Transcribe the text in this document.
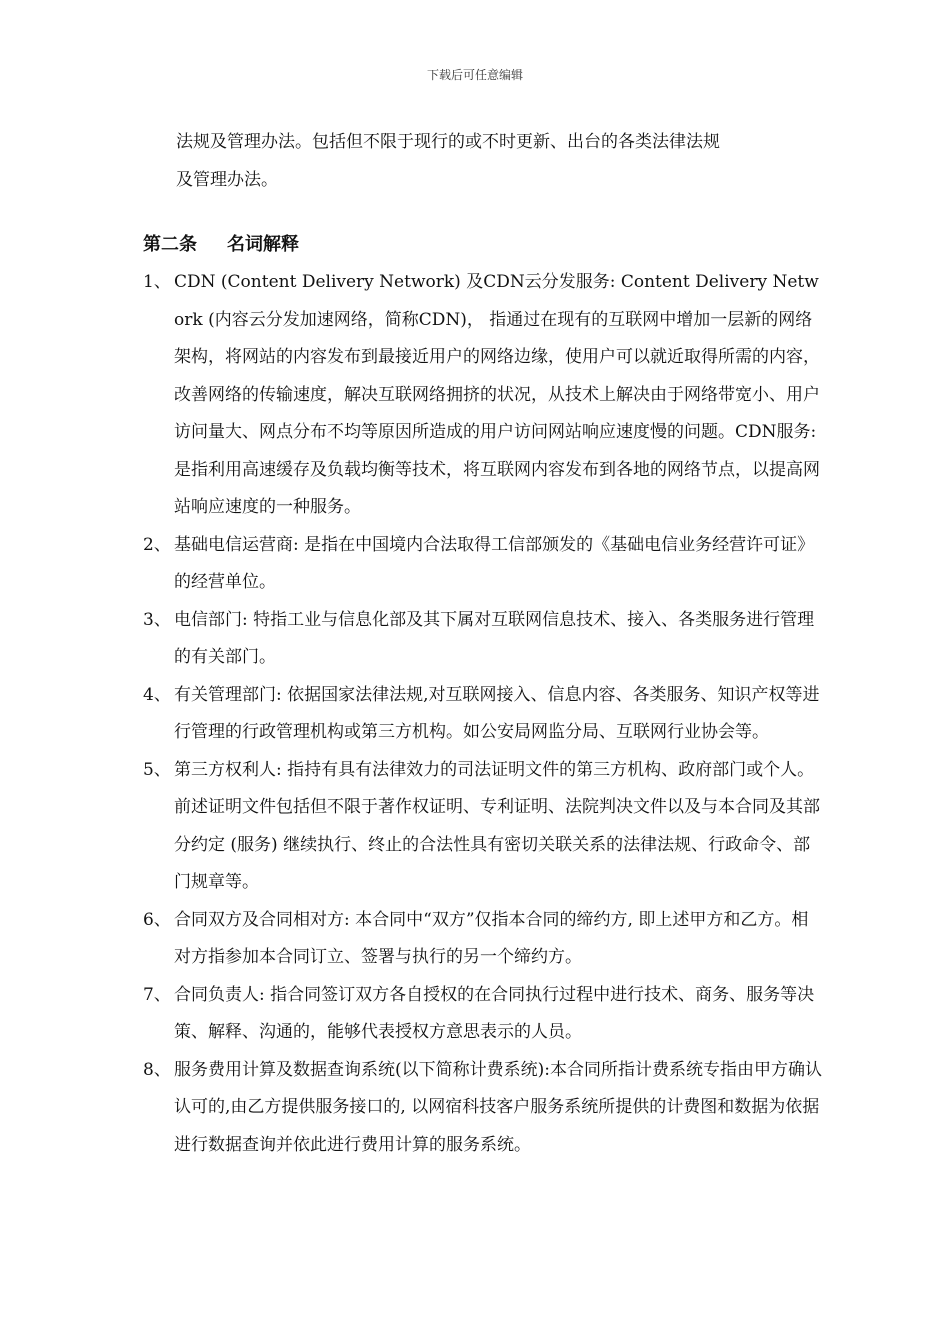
下载后可任意编辑

法规及管理办法。包括但不限于现行的或不时更新、出台的各类法律法规

及管理办法。

第二条 名词解释
1、 CDN (Content Delivery Network) 及CDN云分发服务: Content Delivery Network (内容云分发加速网络，简称CDN)， 指通过在现有的互联网中增加一层新的网络架构，将网站的内容发布到最接近用户的网络边缘，使用户可以就近取得所需的内容，改善网络的传输速度，解决互联网络拥挤的状况，从技术上解决由于网络带宽小、用户访问量大、网点分布不均等原因所造成的用户访问网站响应速度慢的问题。CDN服务: 是指利用高速缓存及负载均衡等技术，将互联网内容发布到各地的网络节点，以提高网站响应速度的一种服务。
2、 基础电信运营商: 是指在中国境内合法取得工信部颁发的《基础电信业务经营许可证》的经营单位。
3、 电信部门: 特指工业与信息化部及其下属对互联网信息技术、接入、各类服务进行管理的有关部门。
4、 有关管理部门: 依据国家法律法规,对互联网接入、信息内容、各类服务、知识产权等进行管理的行政管理机构或第三方机构。如公安局网监分局、互联网行业协会等。
5、 第三方权利人: 指持有具有法律效力的司法证明文件的第三方机构、政府部门或个人。前述证明文件包括但不限于著作权证明、专利证明、法院判决文件以及与本合同及其部分约定 (服务) 继续执行、终止的合法性具有密切关联关系的法律法规、行政命令、部门规章等。
6、 合同双方及合同相对方: 本合同中“双方”仅指本合同的缔约方, 即上述甲方和乙方。相对方指参加本合同订立、签署与执行的另一个缔约方。
7、 合同负责人: 指合同签订双方各自授权的在合同执行过程中进行技术、商务、服务等决策、解释、沟通的，能够代表授权方意思表示的人员。
8、 服务费用计算及数据查询系统(以下简称计费系统):本合同所指计费系统专指由甲方确认认可的,由乙方提供服务接口的, 以网宿科技客户服务系统所提供的计费图和数据为依据进行数据查询并依此进行费用计算的服务系统。
